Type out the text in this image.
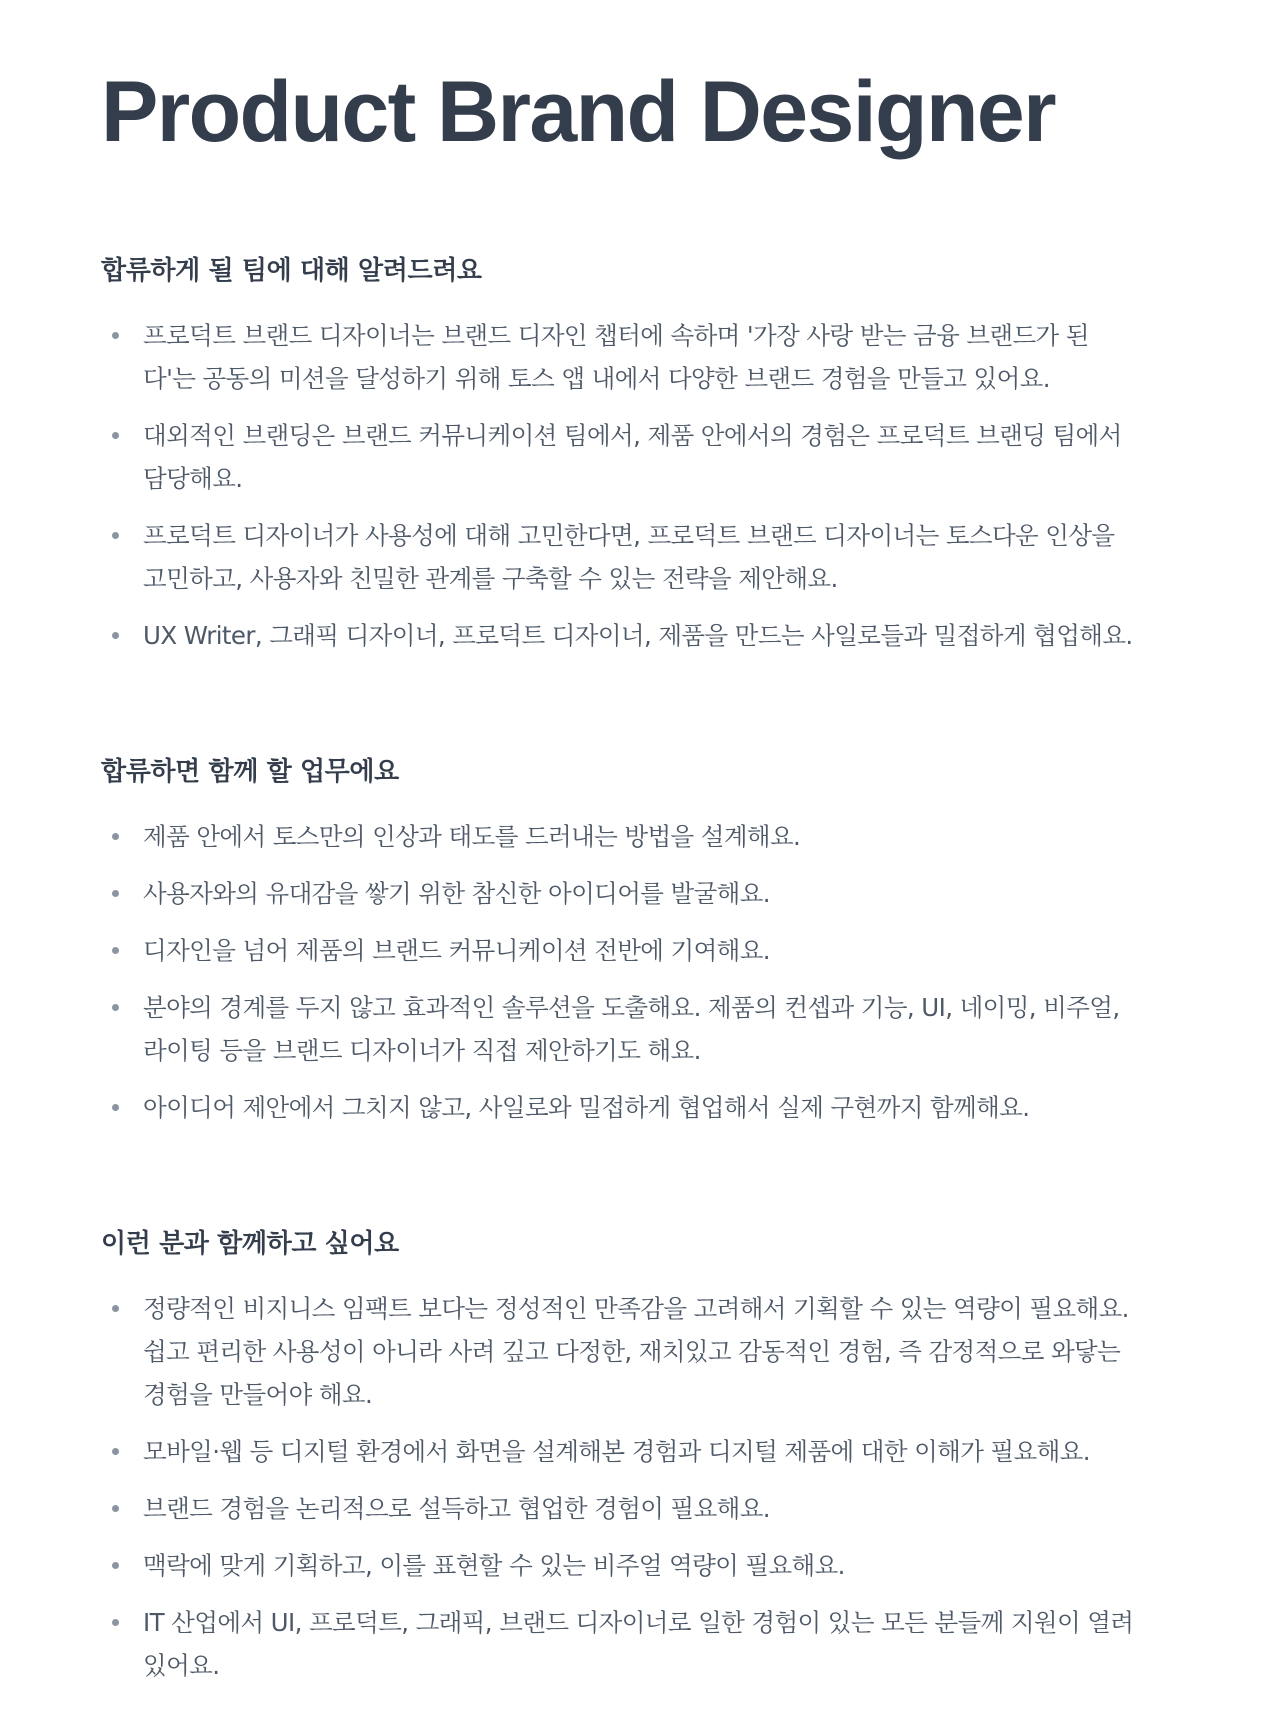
Product Brand Designer
합류하게 될 팀에 대해 알려드려요
프로덕트 브랜드 디자이너는 브랜드 디자인 챕터에 속하며 '가장 사랑 받는 금융 브랜드가 된다'는 공동의 미션을 달성하기 위해 토스 앱 내에서 다양한 브랜드 경험을 만들고 있어요.
대외적인 브랜딩은 브랜드 커뮤니케이션 팀에서, 제품 안에서의 경험은 프로덕트 브랜딩 팀에서 담당해요.
프로덕트 디자이너가 사용성에 대해 고민한다면, 프로덕트 브랜드 디자이너는 토스다운 인상을 고민하고, 사용자와 친밀한 관계를 구축할 수 있는 전략을 제안해요.
UX Writer, 그래픽 디자이너, 프로덕트 디자이너, 제품을 만드는 사일로들과 밀접하게 협업해요.
합류하면 함께 할 업무에요
제품 안에서 토스만의 인상과 태도를 드러내는 방법을 설계해요.
사용자와의 유대감을 쌓기 위한 참신한 아이디어를 발굴해요.
디자인을 넘어 제품의 브랜드 커뮤니케이션 전반에 기여해요.
분야의 경계를 두지 않고 효과적인 솔루션을 도출해요. 제품의 컨셉과 기능, UI, 네이밍, 비주얼, 라이팅 등을 브랜드 디자이너가 직접 제안하기도 해요.
아이디어 제안에서 그치지 않고, 사일로와 밀접하게 협업해서 실제 구현까지 함께해요.
이런 분과 함께하고 싶어요
정량적인 비지니스 임팩트 보다는 정성적인 만족감을 고려해서 기획할 수 있는 역량이 필요해요. 쉽고 편리한 사용성이 아니라 사려 깊고 다정한, 재치있고 감동적인 경험, 즉 감정적으로 와닿는 경험을 만들어야 해요.
모바일·웹 등 디지털 환경에서 화면을 설계해본 경험과 디지털 제품에 대한 이해가 필요해요.
브랜드 경험을 논리적으로 설득하고 협업한 경험이 필요해요.
맥락에 맞게 기획하고, 이를 표현할 수 있는 비주얼 역량이 필요해요.
IT 산업에서 UI, 프로덕트, 그래픽, 브랜드 디자이너로 일한 경험이 있는 모든 분들께 지원이 열려있어요.
